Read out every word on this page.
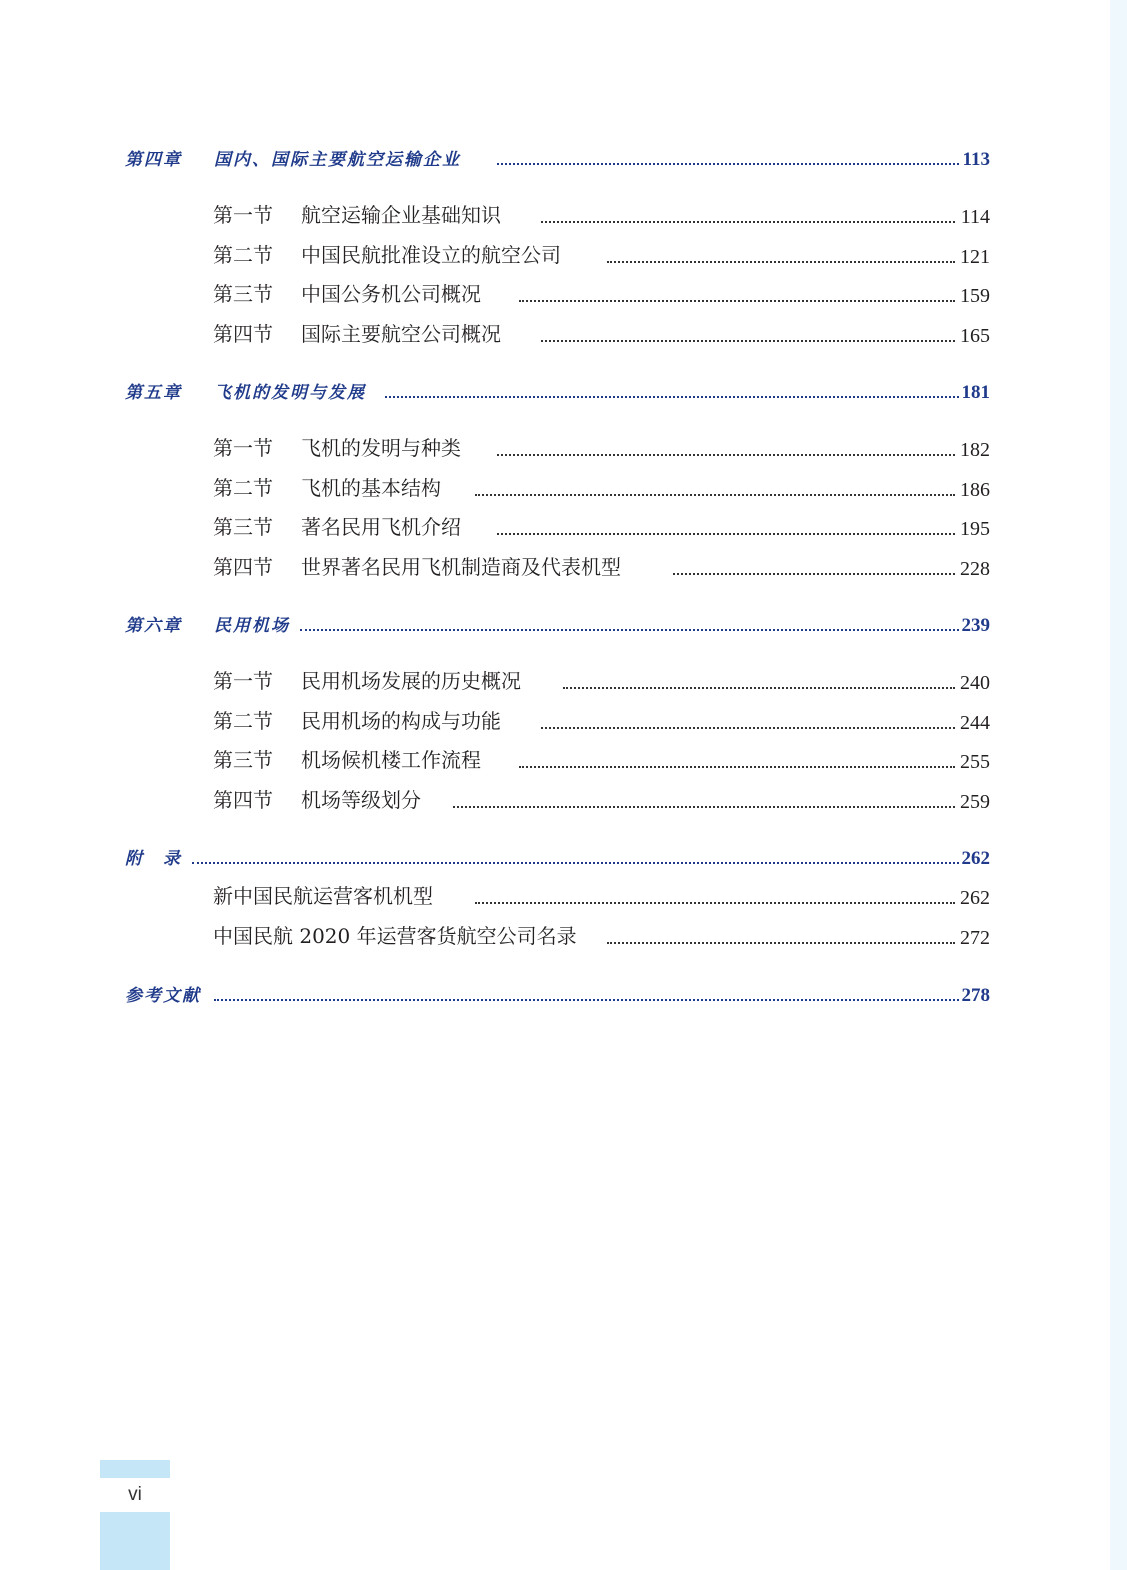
第四章 国内、国际主要航空运输企业	113
第一节 航空运输企业基础知识	114
第二节 中国民航批准设立的航空公司	121
第三节 中国公务机公司概况	159
第四节 国际主要航空公司概况	165
第五章 飞机的发明与发展	181
第一节 飞机的发明与种类	182
第二节 飞机的基本结构	186
第三节 著名民用飞机介绍	195
第四节 世界著名民用飞机制造商及代表机型	228
第六章 民用机场	239
第一节 民用机场发展的历史概况	240
第二节 民用机场的构成与功能	244
第三节 机场候机楼工作流程	255
第四节 机场等级划分	259
附　录	262
新中国民航运营客机机型	262
中国民航 2020 年运营客货航空公司名录	272
参考文献	278
vi
